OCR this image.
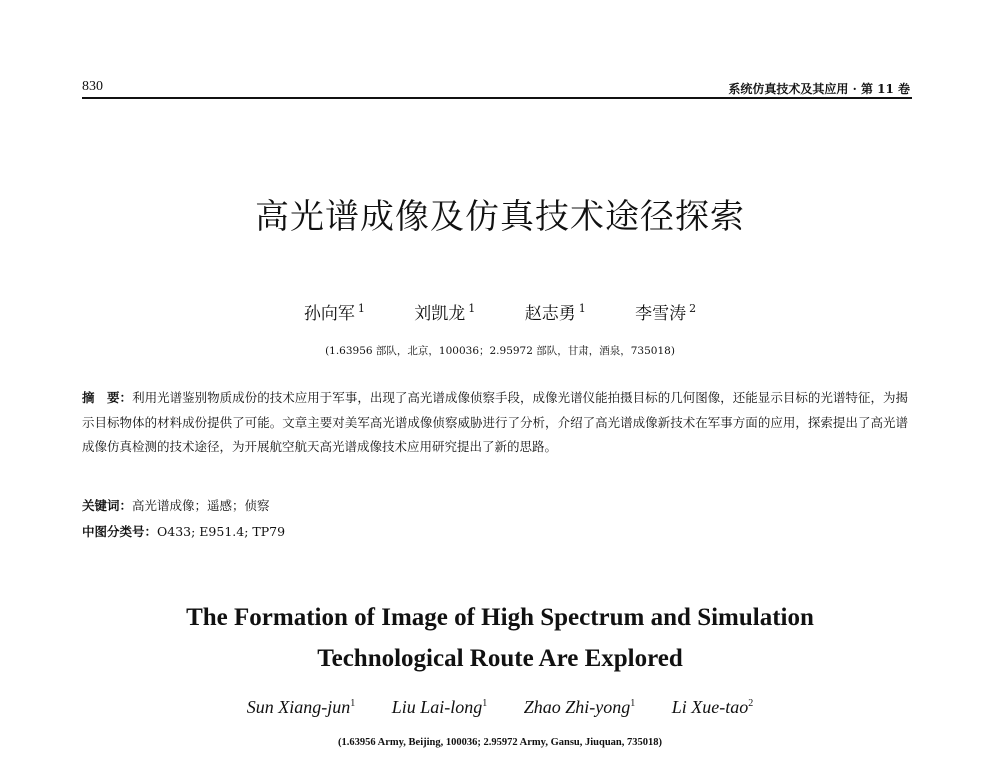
830	系统仿真技术及其应用 · 第 11 卷
高光谱成像及仿真技术途径探索
孙向军 $^1$	刘凯龙 $^1$	赵志勇 $^1$	李雪涛 $^2$
(1.63956 部队，北京，100036；2.95972 部队，甘肃，酒泉，735018)
摘　要：利用光谱鉴别物质成份的技术应用于军事，出现了高光谱成像侦察手段，成像光谱仪能拍摄目标的几何图像，还能显示目标的光谱特征，为揭示目标物体的材料成份提供了可能。文章主要对美军高光谱成像侦察威胁进行了分析，介绍了高光谱成像新技术在军事方面的应用，探索提出了高光谱成像仿真检测的技术途径，为开展航空航天高光谱成像技术应用研究提出了新的思路。
关键词：高光谱成像；遥感；侦察
中图分类号：O433; E951.4; TP79
The Formation of Image of High Spectrum and Simulation
Technological Route Are Explored
Sun Xiang-jun$^1$ Liu Lai-long$^1$ Zhao Zhi-yong$^1$ Li Xue-tao$^2$
(1.63956 Army, Beijing, 100036; 2.95972 Army, Gansu, Jiuquan, 735018)
